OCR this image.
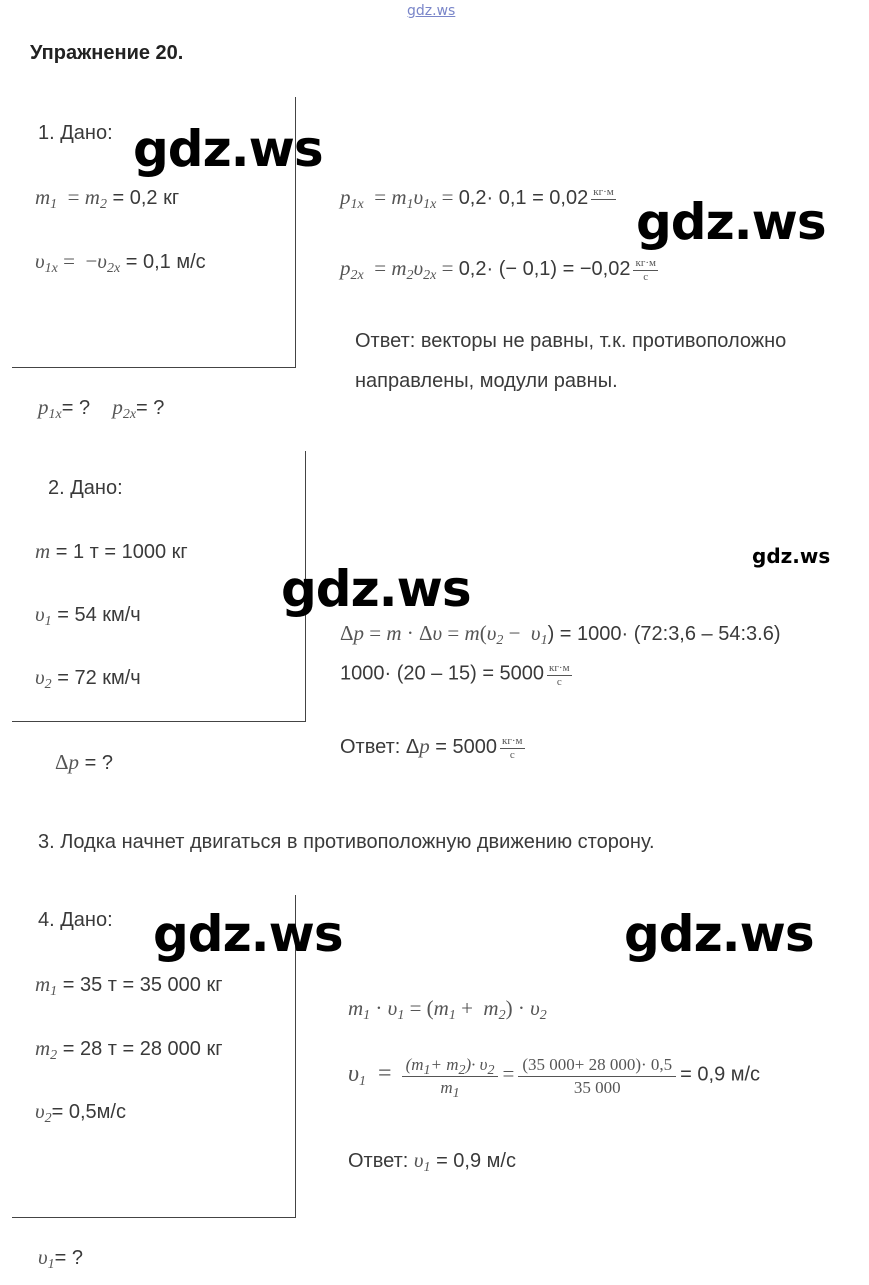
gdz.ws
Упражнение 20.
1. Дано:
$m_1 = m_2 = 0,2$ кг
$\upsilon_{1x} = -\upsilon_{2x} = 0,1$ м/с
$p_{1x}=$ ? $p_{2x}=$ ?
$p_{1x} = m_1\upsilon_{1x} = 0,2\cdot 0,1 = 0,02$ кг·м

$p_{2x} = m_2\upsilon_{2x} = 0,2\cdot$ (− $0,1) = -0,02 \frac{кг\cdot м}{с}$
Ответ: векторы не равны, т.к. противоположно
направлены, модули равны.
2. Дано:
m = 1 т = 1000 кг
$\upsilon_1 = 54$ км/ч
$\upsilon_2 = 72$ км/ч
Δp = ?
$\Delta p = m \cdot \Delta\upsilon = m(\upsilon_2 - \upsilon_1) = 1000\cdot$ (72:3,6 – 54:3.6)
$1000\cdot (20 - 15) = 5000 \frac{кг\cdot м}{с}$
Ответ: $\Delta p = 5000 \frac{кг\cdot м}{с}$
3. Лодка начнет двигаться в противоположную движению сторону.
4. Дано:
$m_1 = 35$ т = 35 000 кг
$m_2 = 28$ т = 28 000 кг
$\upsilon_2= 0,5м/с$
$\upsilon_1=$ ?
$m_1 \cdot \upsilon_1 = (m_1 + m_2) \cdot \upsilon_2$
$\upsilon_1 = \frac{(m_1+ m_2)\cdot \upsilon_2}{m_1} = \frac{(35 000+ 28 000)\cdot 0,5}{35 000} = 0,9$ м/с
Ответ: $\upsilon_1 = 0,9$ м/с
gdz.ws
gdz.ws
gdz.ws
gdz.ws
gdz.ws	gdz.ws
